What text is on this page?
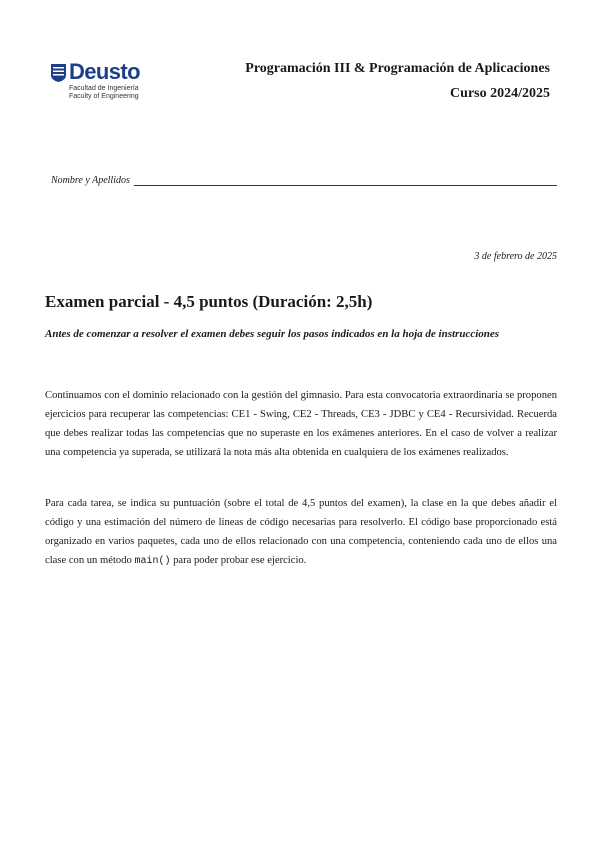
Deusto
Facultad de Ingeniería
Faculty of Engineering
Programación III & Programación de Aplicaciones
Curso 2024/2025
Nombre y Apellidos
3 de febrero de 2025
Examen parcial - 4,5 puntos (Duración: 2,5h)
Antes de comenzar a resolver el examen debes seguir los pasos indicados en la hoja de instrucciones

Continuamos con el dominio relacionado con la gestión del gimnasio. Para esta convocatoria extraordinaria se proponen ejercicios para recuperar las competencias: CE1 - Swing, CE2 - Threads, CE3 - JDBC y CE4 - Recursividad. Recuerda que debes realizar todas las competencias que no superaste en los exámenes anteriores. En el caso de volver a realizar una competencia ya superada, se utilizará la nota más alta obtenida en cualquiera de los exámenes realizados.

Para cada tarea, se indica su puntuación (sobre el total de 4,5 puntos del examen), la clase en la que debes añadir el código y una estimación del número de líneas de código necesarias para resolverlo. El código base proporcionado está organizado en varios paquetes, cada uno de ellos relacionado con una competencia, conteniendo cada uno de ellos una clase con un método main() para poder probar ese ejercicio.
